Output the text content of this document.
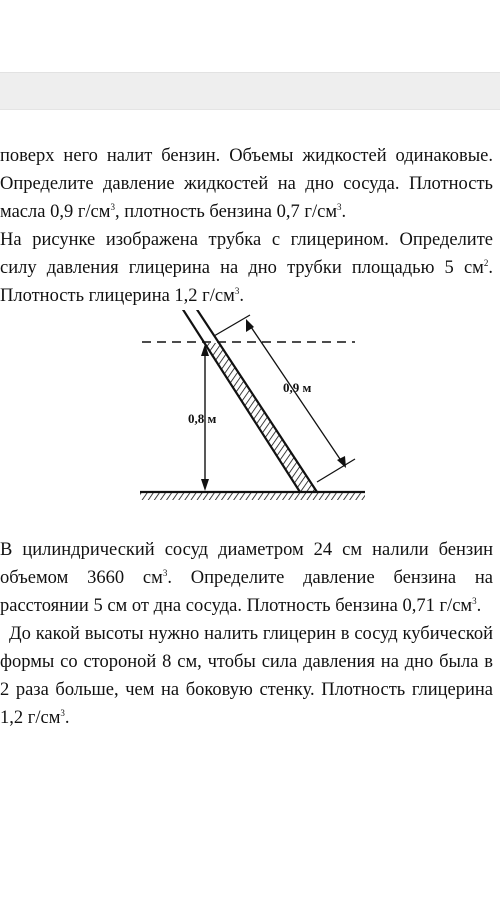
поверх него налит бензин. Объемы жидкостей одинаковые. Определите давление жидкостей на дно сосуда. Плотность масла 0,9 $г/см^3$, плотность бензина 0,7 $г/см^3$.

На рисунке изображена трубка с глицерином. Определите силу давления глицерина на дно трубки площадью 5 $см^2$. Плотность глицерина 1,2 $г/см^3$.

0,8 м
0,9 м

В цилиндрический сосуд диаметром 24 см налили бензин объемом 3660 $см^3$. Определите давление бензина на расстоянии 5 см от дна сосуда. Плотность бензина 0,71 $г/см^3$.

До какой высоты нужно налить глицерин в сосуд кубической формы со стороной 8 см, чтобы сила давления на дно была в 2 раза больше, чем на боковую стенку. Плотность глицерина 1,2 $г/см^3$.
